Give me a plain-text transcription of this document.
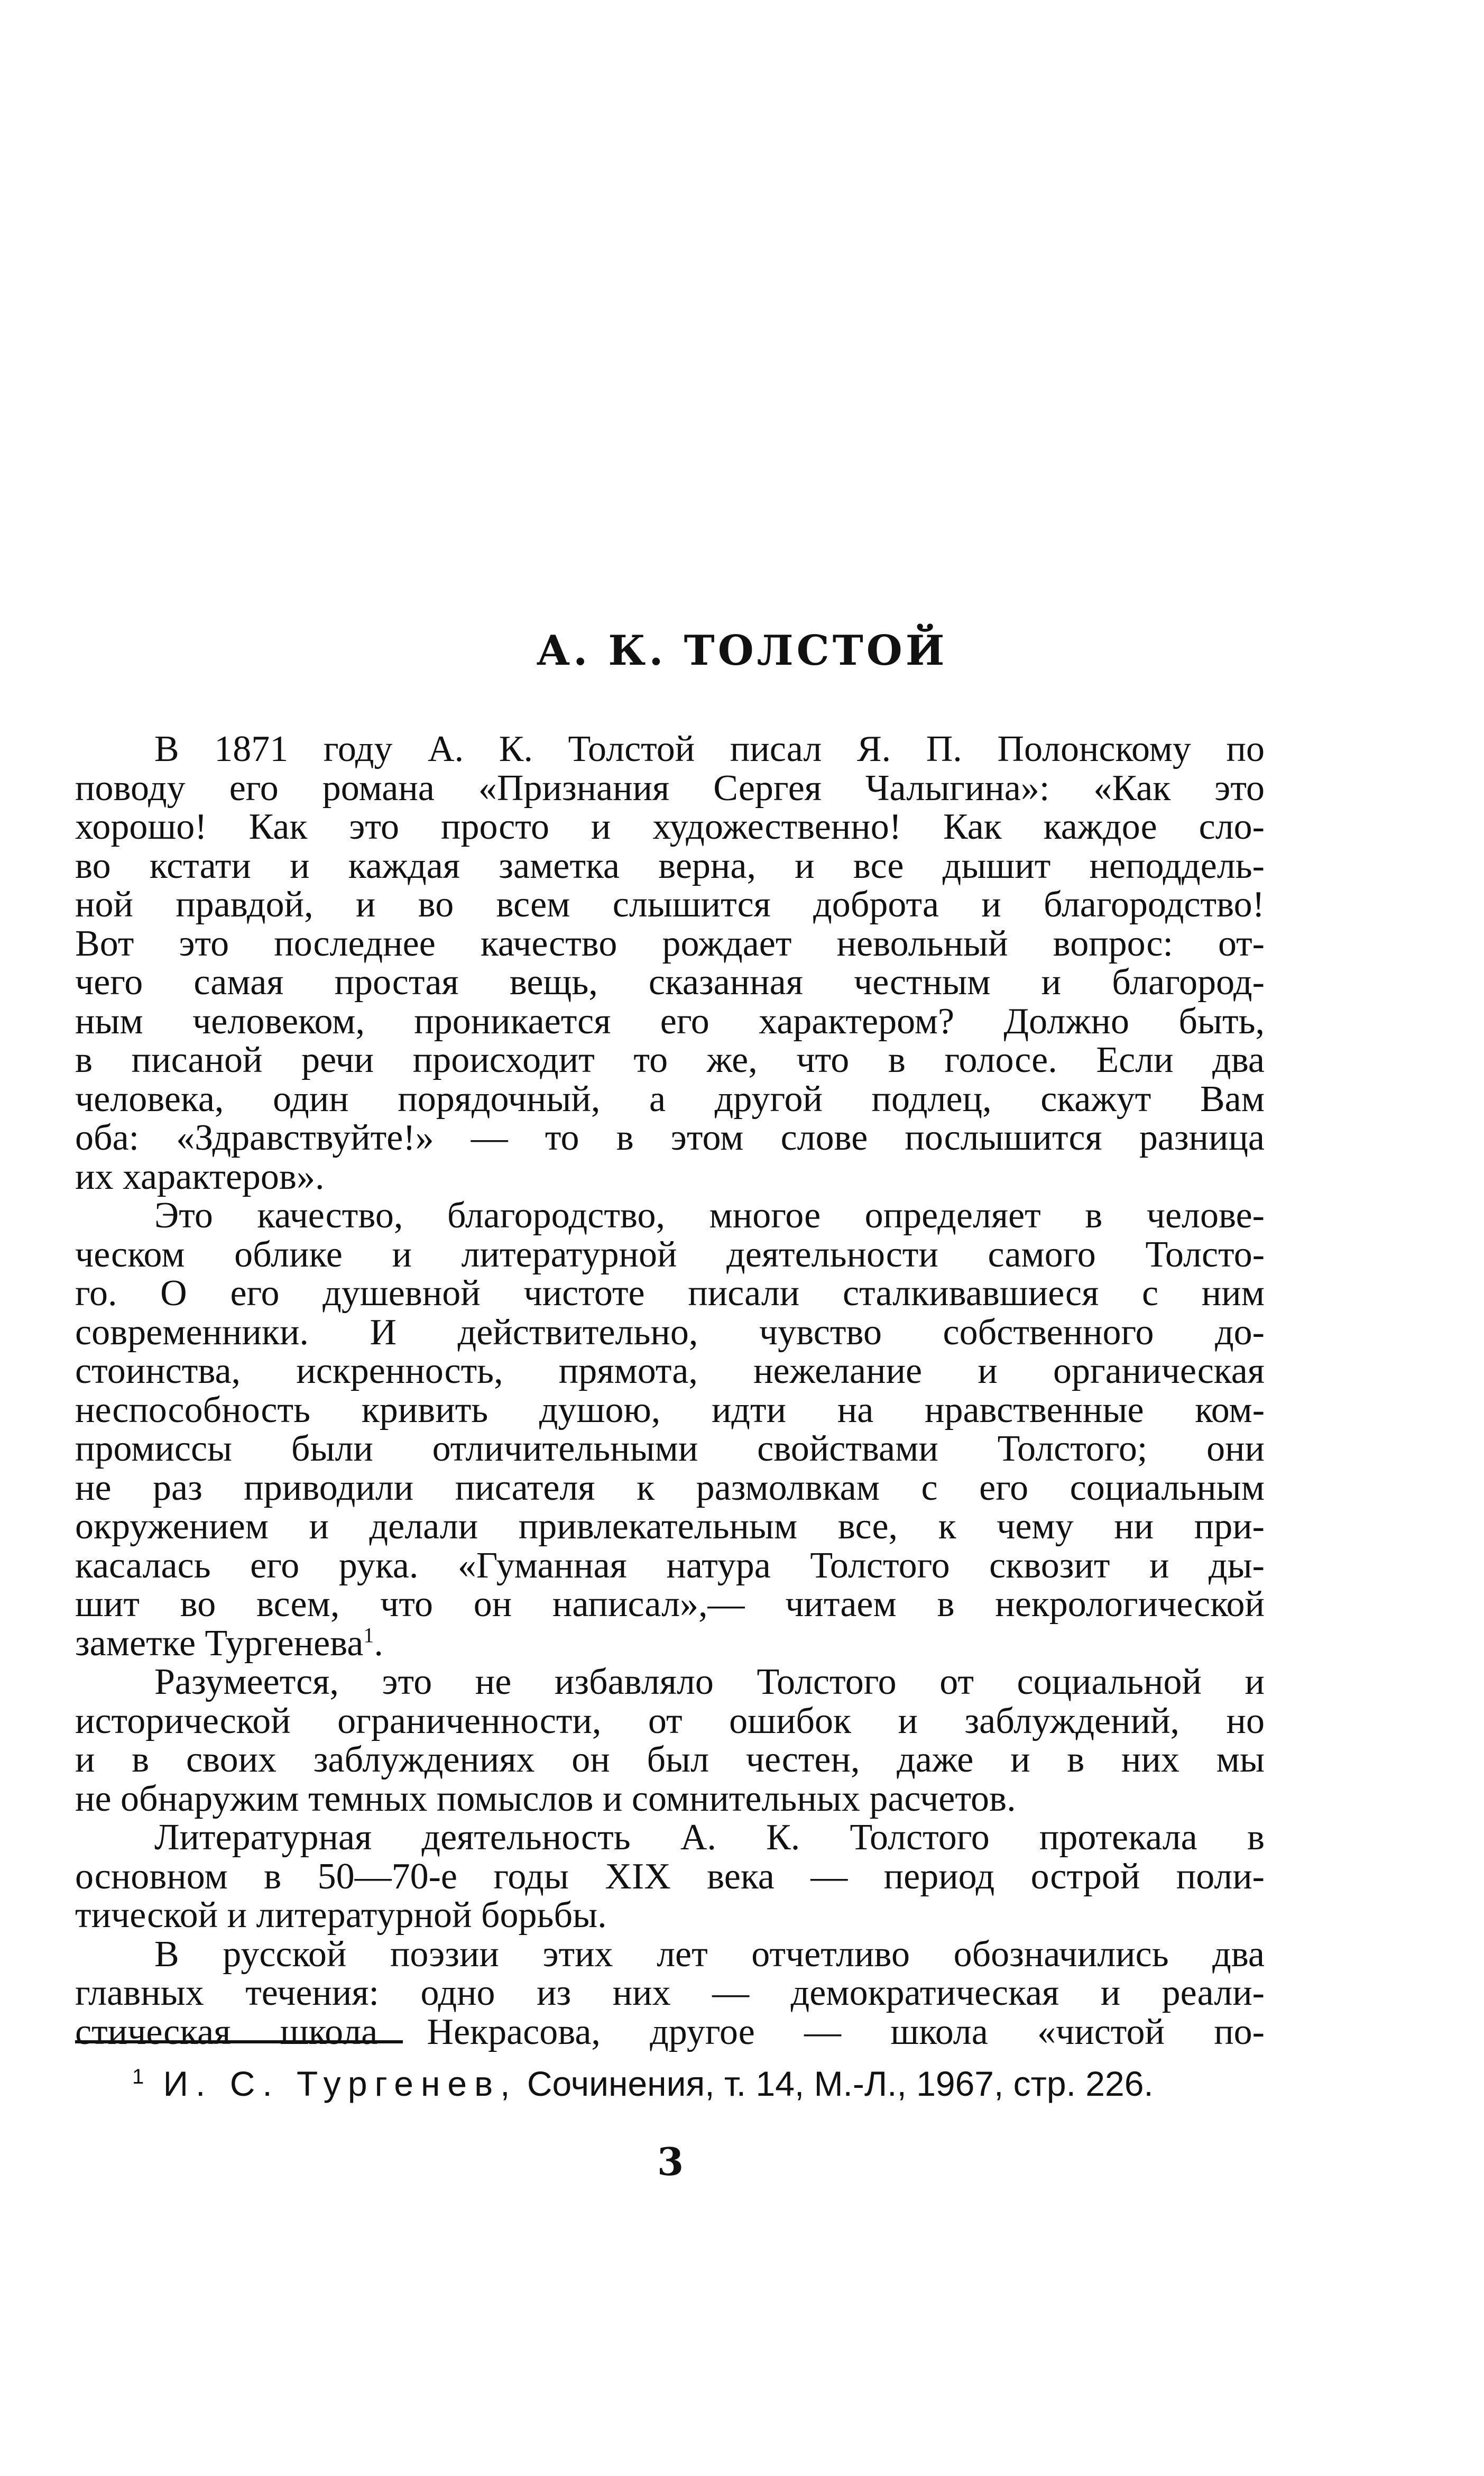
А. К. ТОЛСТОЙ
В 1871 году А. К. Толстой писал Я. П. Полонскому по
поводу его романа «Признания Сергея Чалыгина»: «Как это
хорошо! Как это просто и художественно! Как каждое сло-
во кстати и каждая заметка верна, и все дышит неподдель-
ной правдой, и во всем слышится доброта и благородство!
Вот это последнее качество рождает невольный вопрос: от-
чего самая простая вещь, сказанная честным и благород-
ным человеком, проникается его характером? Должно быть,
в писаной речи происходит то же, что в голосе. Если два
человека, один порядочный, а другой подлец, скажут Вам
оба: «Здравствуйте!» — то в этом слове послышится разница
их характеров».
Это качество, благородство, многое определяет в челове-
ческом облике и литературной деятельности самого Толсто-
го. О его душевной чистоте писали сталкивавшиеся с ним
современники. И действительно, чувство собственного до-
стоинства, искренность, прямота, нежелание и органическая
неспособность кривить душою, идти на нравственные ком-
промиссы были отличительными свойствами Толстого; они
не раз приводили писателя к размолвкам с его социальным
окружением и делали привлекательным все, к чему ни при-
касалась его рука. «Гуманная натура Толстого сквозит и ды-
шит во всем, что он написал»,— читаем в некрологической
заметке Тургенева$^1$.
Разумеется, это не избавляло Толстого от социальной и
исторической ограниченности, от ошибок и заблуждений, но
и в своих заблуждениях он был честен, даже и в них мы
не обнаружим темных помыслов и сомнительных расчетов.
Литературная деятельность А. К. Толстого протекала в
основном в 50—70-е годы XIX века — период острой поли-
тической и литературной борьбы.
В русской поэзии этих лет отчетливо обозначились два
главных течения: одно из них — демократическая и реали-
стическая школа Некрасова, другое — школа «чистой по-
$^1$ И. С. Тургенев, Сочинения, т. 14, М.-Л., 1967, стр. 226.
3
